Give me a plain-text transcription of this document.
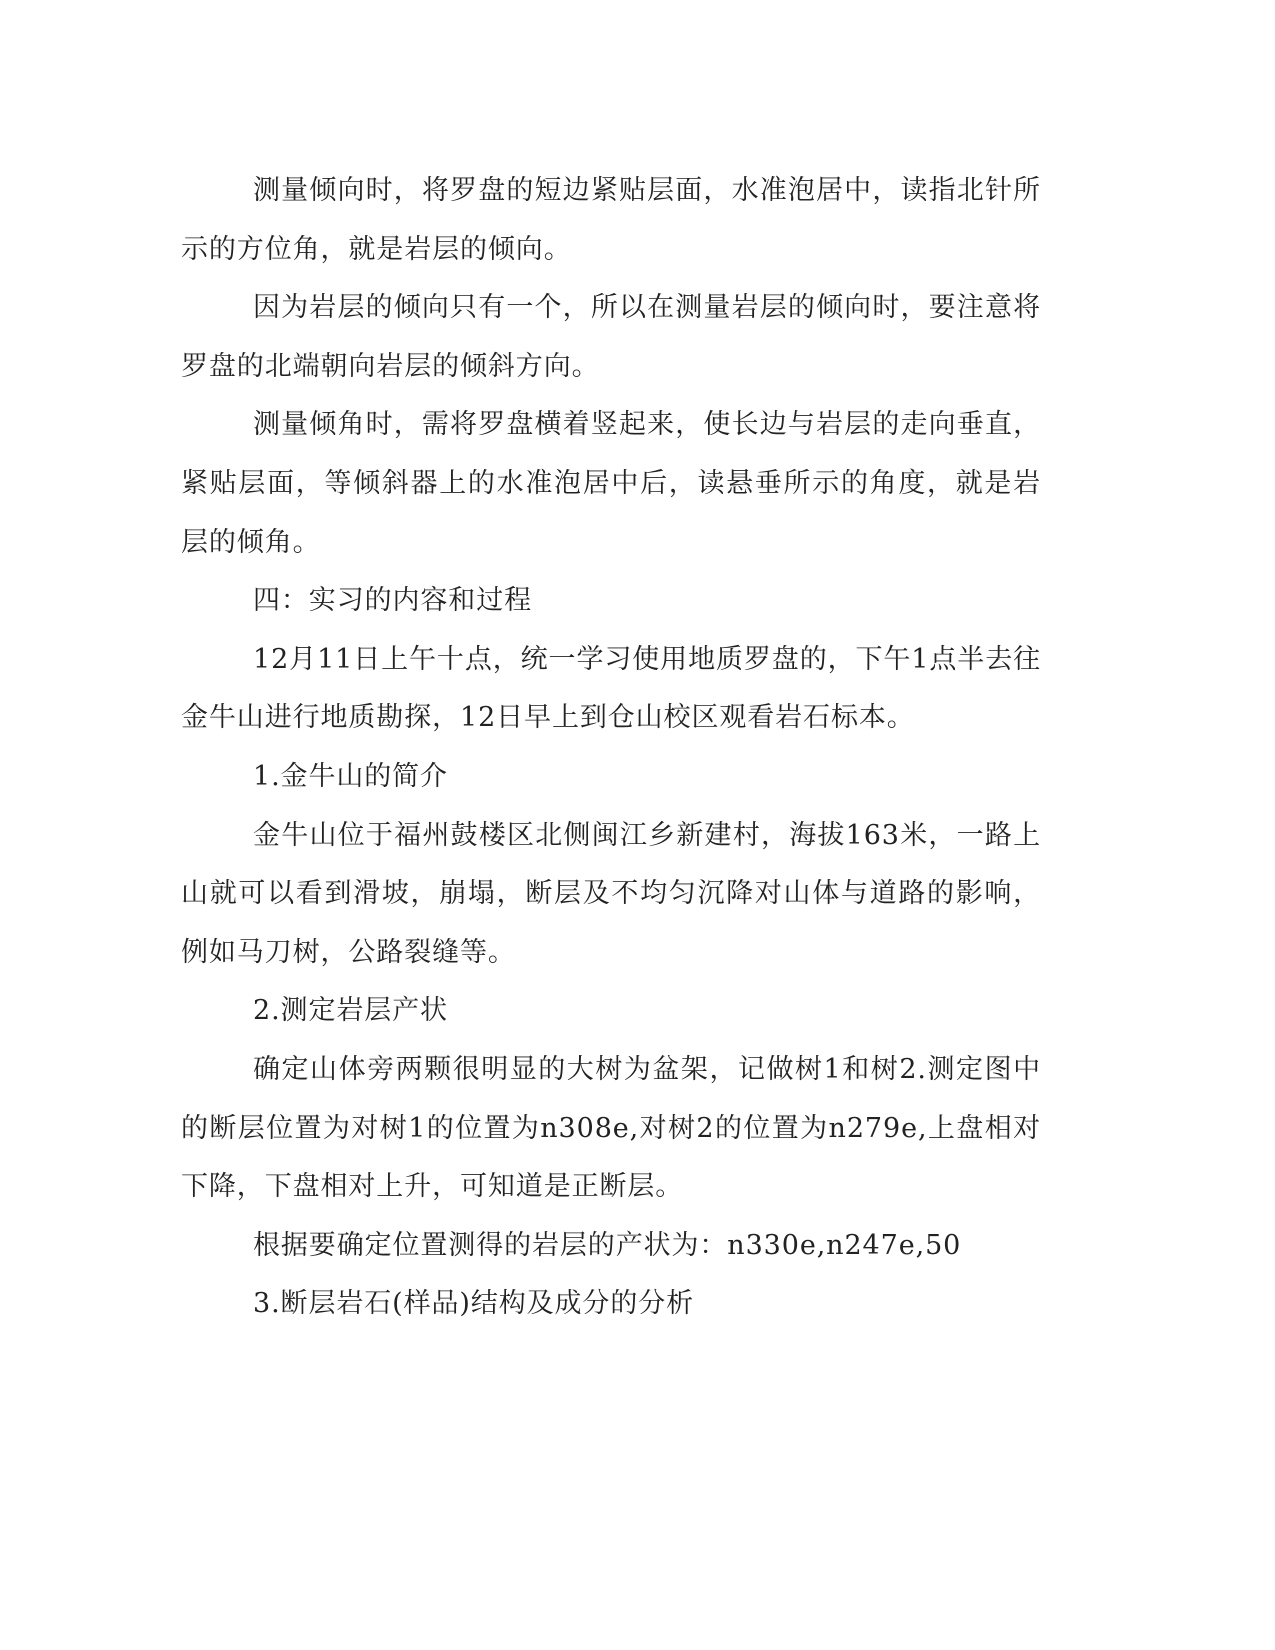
测量倾向时，将罗盘的短边紧贴层面，水准泡居中，读指北针所示的方位角，就是岩层的倾向。

因为岩层的倾向只有一个，所以在测量岩层的倾向时，要注意将罗盘的北端朝向岩层的倾斜方向。

测量倾角时，需将罗盘横着竖起来，使长边与岩层的走向垂直，紧贴层面，等倾斜器上的水准泡居中后，读悬垂所示的角度，就是岩层的倾角。

四：实习的内容和过程

12月11日上午十点，统一学习使用地质罗盘的，下午1点半去往金牛山进行地质勘探，12日早上到仓山校区观看岩石标本。

1.金牛山的简介

金牛山位于福州鼓楼区北侧闽江乡新建村，海拔163米，一路上山就可以看到滑坡，崩塌，断层及不均匀沉降对山体与道路的影响，例如马刀树，公路裂缝等。

2.测定岩层产状

确定山体旁两颗很明显的大树为盆架，记做树1和树2.测定图中的断层位置为对树1的位置为n308e,对树2的位置为n279e,上盘相对下降，下盘相对上升，可知道是正断层。

根据要确定位置测得的岩层的产状为：n330e,n247e,50

3.断层岩石(样品)结构及成分的分析
